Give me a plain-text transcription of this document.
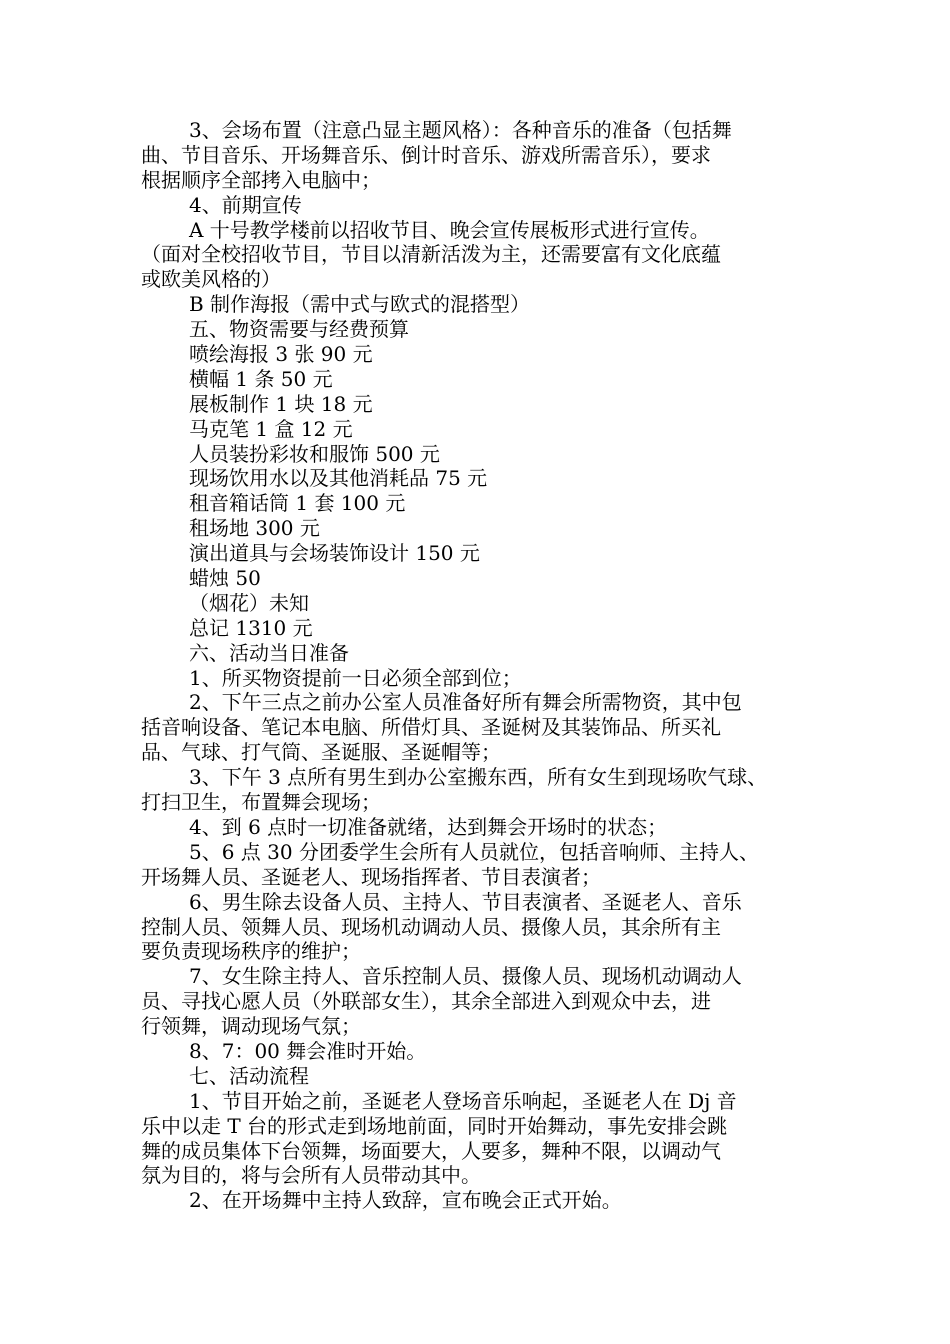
3、会场布置（注意凸显主题风格）：各种音乐的准备（包括舞
曲、节目音乐、开场舞音乐、倒计时音乐、游戏所需音乐），要求
根据顺序全部拷入电脑中；
4、前期宣传
A 十号教学楼前以招收节目、晚会宣传展板形式进行宣传。
（面对全校招收节目，节目以清新活泼为主，还需要富有文化底蕴
或欧美风格的）
B 制作海报（需中式与欧式的混搭型）
五、物资需要与经费预算
喷绘海报 3 张 90 元
横幅 1 条 50 元
展板制作 1 块 18 元
马克笔 1 盒 12 元
人员装扮彩妆和服饰 500 元
现场饮用水以及其他消耗品 75 元
租音箱话筒 1 套 100 元
租场地 300 元
演出道具与会场装饰设计 150 元
蜡烛 50
（烟花）未知
总记 1310 元
六、活动当日准备
1、所买物资提前一日必须全部到位；
2、下午三点之前办公室人员准备好所有舞会所需物资，其中包
括音响设备、笔记本电脑、所借灯具、圣诞树及其装饰品、所买礼
品、气球、打气筒、圣诞服、圣诞帽等；
3、下午 3 点所有男生到办公室搬东西，所有女生到现场吹气球、
打扫卫生，布置舞会现场；
4、到 6 点时一切准备就绪，达到舞会开场时的状态；
5、6 点 30 分团委学生会所有人员就位，包括音响师、主持人、
开场舞人员、圣诞老人、现场指挥者、节目表演者；
6、男生除去设备人员、主持人、节目表演者、圣诞老人、音乐
控制人员、领舞人员、现场机动调动人员、摄像人员，其余所有主
要负责现场秩序的维护；
7、女生除主持人、音乐控制人员、摄像人员、现场机动调动人
员、寻找心愿人员（外联部女生），其余全部进入到观众中去，进
行领舞，调动现场气氛；
8、7：00 舞会准时开始。
七、活动流程
1、节目开始之前，圣诞老人登场音乐响起，圣诞老人在 Dj 音
乐中以走 T 台的形式走到场地前面，同时开始舞动，事先安排会跳
舞的成员集体下台领舞，场面要大，人要多，舞种不限，以调动气
氛为目的，将与会所有人员带动其中。
2、在开场舞中主持人致辞，宣布晚会正式开始。
